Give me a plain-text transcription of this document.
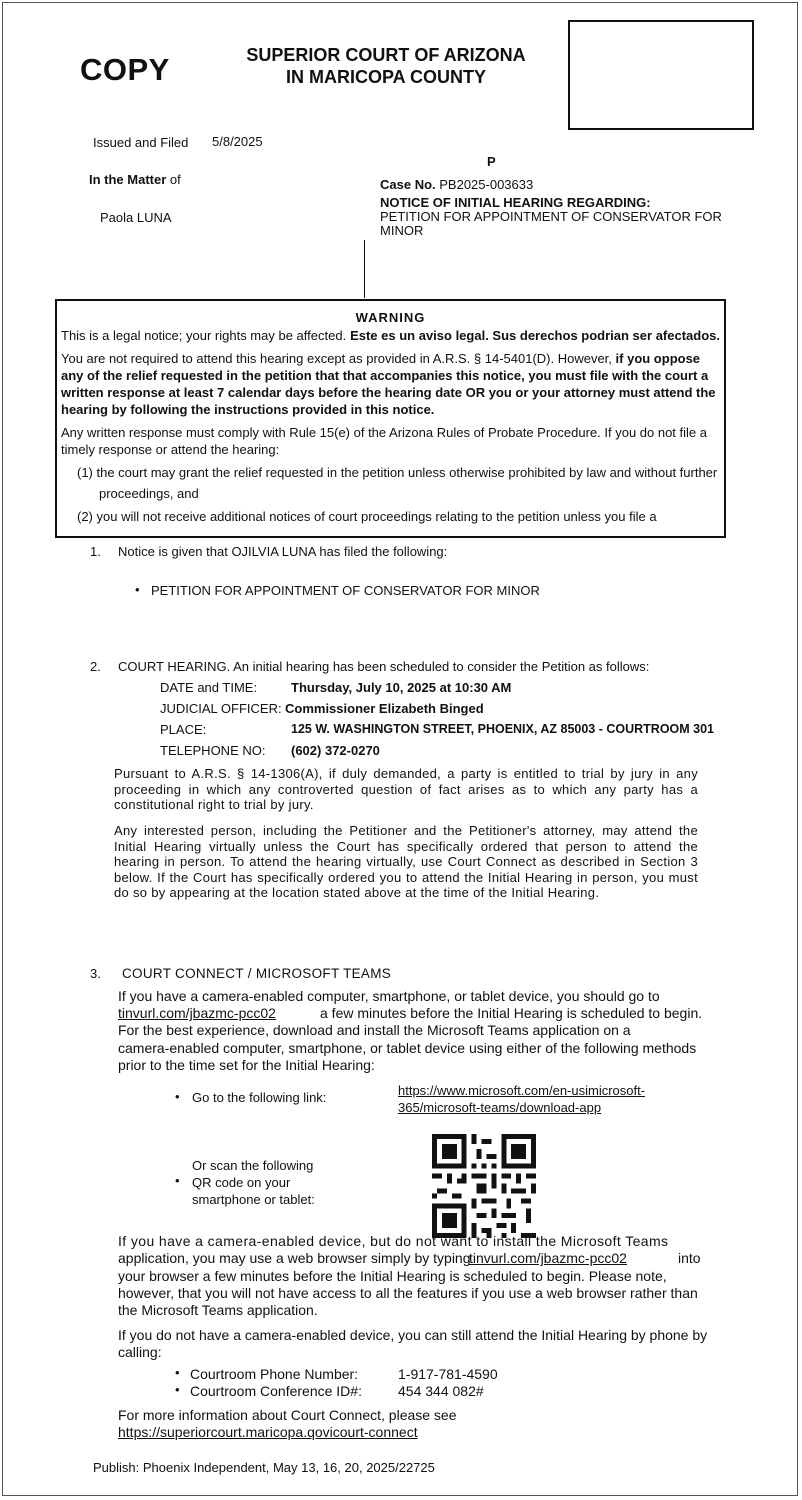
COPY	SUPERIOR COURT OF ARIZONA
IN MARICOPA COUNTY
Issued and Filed 5/8/2025
P
In the Matter of
Paola LUNA
Case No. PB2025-003633
NOTICE OF INITIAL HEARING REGARDING:
PETITION FOR APPOINTMENT OF CONSERVATOR FOR
MINOR

WARNING

This is a legal notice; your rights may be affected. Este es un aviso legal. Sus derechos podrian ser afectados.

You are not required to attend this hearing except as provided in A.R.S. § 14-5401(D). However, if you oppose any of the relief requested in the petition that that accompanies this notice, you must file with the court a written response at least 7 calendar days before the hearing date OR you or your attorney must attend the hearing by following the instructions provided in this notice.

Any written response must comply with Rule 15(e) of the Arizona Rules of Probate Procedure. If you do not file a timely response or attend the hearing:

(1) the court may grant the relief requested in the petition unless otherwise prohibited by law and without further
proceedings, and
(2) you will not receive additional notices of court proceedings relating to the petition unless you file a
1. Notice is given that OJILVIA LUNA has filed the following:
• PETITION FOR APPOINTMENT OF CONSERVATOR FOR MINOR
2. COURT HEARING. An initial hearing has been scheduled to consider the Petition as follows:
DATE and TIME:	Thursday, July 10, 2025 at 10:30 AM
JUDICIAL OFFICER: Commissioner Elizabeth Binged
PLACE:	125 W. WASHINGTON STREET, PHOENIX, AZ 85003 - COURTROOM 301
TELEPHONE NO: (602) 372-0270
Pursuant to A.R.S. § 14-1306(A), if duly demanded, a party is entitled to trial by jury in any proceeding in which any controverted question of fact arises as to which any party has a constitutional right to trial by jury.
Any interested person, including the Petitioner and the Petitioner's attorney, may attend the Initial Hearing virtually unless the Court has specifically ordered that person to attend the hearing in person. To attend the hearing virtually, use Court Connect as described in Section 3 below. If the Court has specifically ordered you to attend the Initial Hearing in person, you must do so by appearing at the location stated above at the time of the Initial Hearing.
3. COURT CONNECT / MICROSOFT TEAMS
If you have a camera-enabled computer, smartphone, or tablet device, you should go to
tinvurl.com/jbazmc-pcc02	a few minutes before the Initial Hearing is scheduled to begin.
For the best experience, download and install the Microsoft Teams application on a
camera-enabled computer, smartphone, or tablet device using either of the following methods
prior to the time set for the Initial Hearing:
• Go to the following link:	https://www.microsoft.com/en-usimicrosoft-
365/microsoft-teams/download-app
Or scan the following
QR code on your
smartphone or tablet:
•
If you have a camera-enabled device, but do not want to install the Microsoft Teams
application, you may use a web browser simply by typing
tinvurl.com/jbazmc-pcc02	into
your browser a few minutes before the Initial Hearing is scheduled to begin. Please note,
however, that you will not have access to all the features if you use a web browser rather than
the Microsoft Teams application.
If you do not have a camera-enabled device, you can still attend the Initial Hearing by phone by
calling:
• Courtroom Phone Number:	1-917-781-4590
• Courtroom Conference ID#:	454 344 082#
For more information about Court Connect, please see
https://superiorcourt.maricopa.qovicourt-connect
Publish: Phoenix Independent, May 13, 16, 20, 2025/22725
